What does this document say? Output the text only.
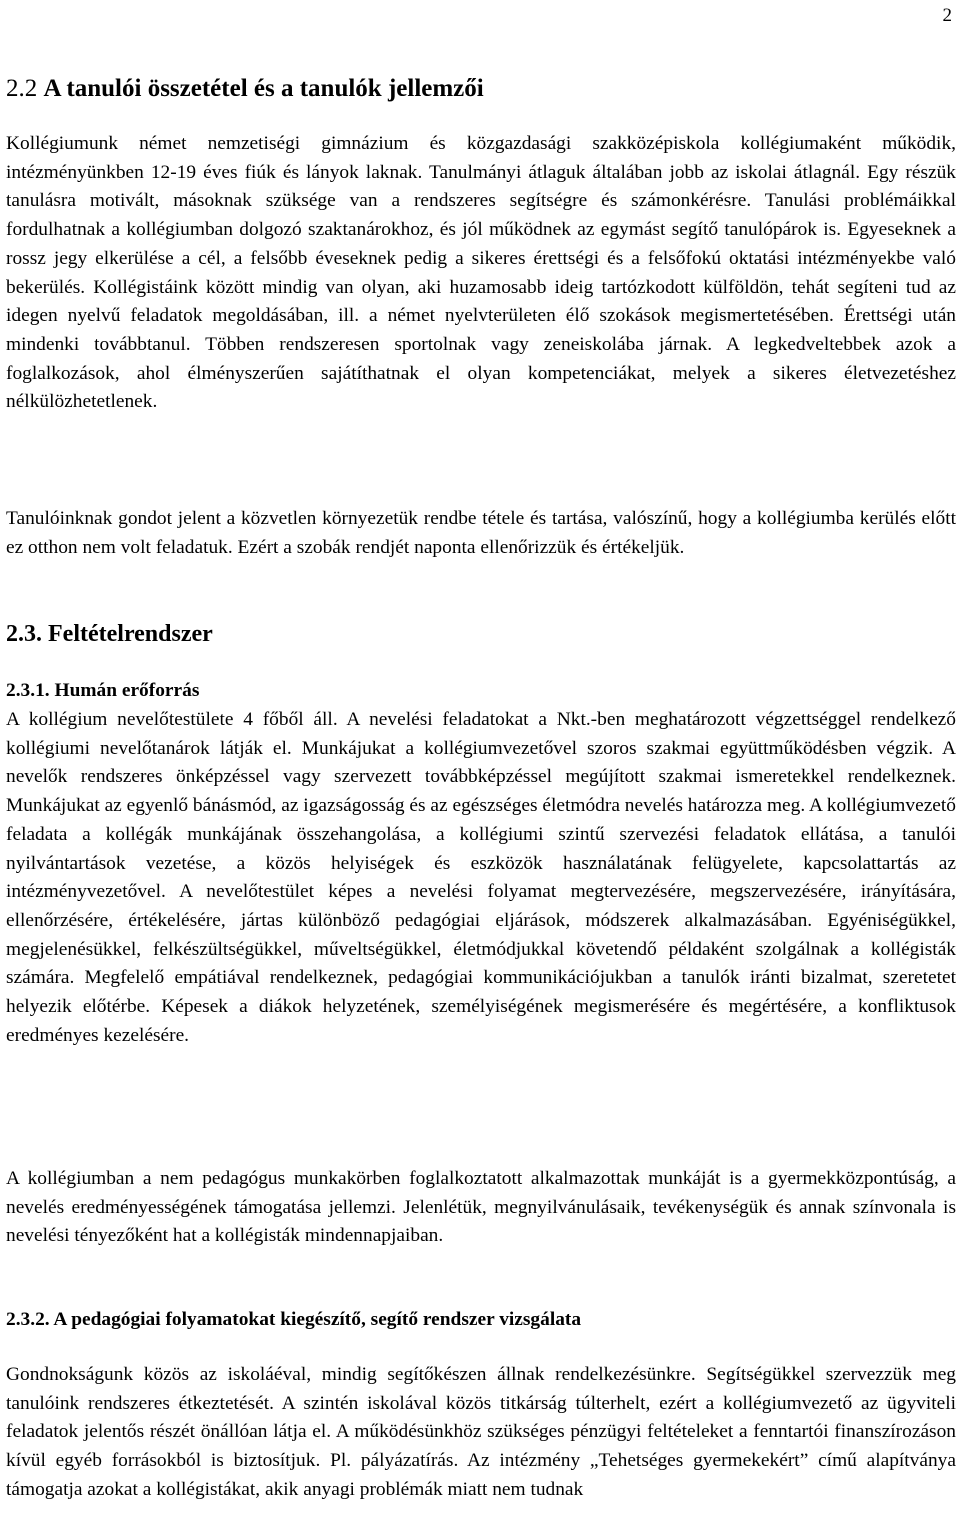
2
2.2 A tanulói összetétel és a tanulók jellemzői

Kollégiumunk német nemzetiségi gimnázium és közgazdasági szakközépiskola kollégiumaként működik, intézményünkben 12-19 éves fiúk és lányok laknak. Tanulmányi átlaguk általában jobb az iskolai átlagnál. Egy részük tanulásra motivált, másoknak szüksége van a rendszeres segítségre és számonkérésre. Tanulási problémáikkal fordulhatnak a kollégiumban dolgozó szaktanárokhoz, és jól működnek az egymást segítő tanulópárok is. Egyeseknek a rossz jegy elkerülése a cél, a felsőbb éveseknek pedig a sikeres érettségi és a felsőfokú oktatási intézményekbe való bekerülés. Kollégistáink között mindig van olyan, aki huzamosabb ideig tartózkodott külföldön, tehát segíteni tud az idegen nyelvű feladatok megoldásában, ill. a német nyelvterületen élő szokások megismertetésében. Érettségi után mindenki továbbtanul. Többen rendszeresen sportolnak vagy zeneiskolába járnak. A legkedveltebbek azok a foglalkozások, ahol élményszerűen sajátíthatnak el olyan kompetenciákat, melyek a sikeres életvezetéshez nélkülözhetetlenek.

Tanulóinknak gondot jelent a közvetlen környezetük rendbe tétele és tartása, valószínű, hogy a kollégiumba kerülés előtt ez otthon nem volt feladatuk. Ezért a szobák rendjét naponta ellenőrizzük és értékeljük.

2.3. Feltételrendszer
2.3.1. Humán erőforrás

A kollégium nevelőtestülete 4 főből áll. A nevelési feladatokat a Nkt.-ben meghatározott végzettséggel rendelkező kollégiumi nevelőtanárok látják el. Munkájukat a kollégiumvezetővel szoros szakmai együttműködésben végzik. A nevelők rendszeres önképzéssel vagy szervezett továbbképzéssel megújított szakmai ismeretekkel rendelkeznek. Munkájukat az egyenlő bánásmód, az igazságosság és az egészséges életmódra nevelés határozza meg. A kollégiumvezető feladata a kollégák munkájának összehangolása, a kollégiumi szintű szervezési feladatok ellátása, a tanulói nyilvántartások vezetése, a közös helyiségek és eszközök használatának felügyelete, kapcsolattartás az intézményvezetővel. A nevelőtestület képes a nevelési folyamat megtervezésére, megszervezésére, irányítására, ellenőrzésére, értékelésére, jártas különböző pedagógiai eljárások, módszerek alkalmazásában. Egyéniségükkel, megjelenésükkel, felkészültségükkel, műveltségükkel, életmódjukkal követendő példaként szolgálnak a kollégisták számára. Megfelelő empátiával rendelkeznek, pedagógiai kommunikációjukban a tanulók iránti bizalmat, szeretetet helyezik előtérbe. Képesek a diákok helyzetének, személyiségének megismerésére és megértésére, a konfliktusok eredményes kezelésére.

A kollégiumban a nem pedagógus munkakörben foglalkoztatott alkalmazottak munkáját is a gyermekközpontúság, a nevelés eredményességének támogatása jellemzi. Jelenlétük, megnyilvánulásaik, tevékenységük és annak színvonala is nevelési tényezőként hat a kollégisták mindennapjaiban.

2.3.2. A pedagógiai folyamatokat kiegészítő, segítő rendszer vizsgálata

Gondnokságunk közös az iskoláéval, mindig segítőkészen állnak rendelkezésünkre. Segítségükkel szervezzük meg tanulóink rendszeres étkeztetését. A szintén iskolával közös titkárság túlterhelt, ezért a kollégiumvezető az ügyviteli feladatok jelentős részét önállóan látja el. A működésünkhöz szükséges pénzügyi feltételeket a fenntartói finanszírozáson kívül egyéb forrásokból is biztosítjuk. Pl. pályázatírás. Az intézmény „Tehetséges gyermekekért” című alapítványa támogatja azokat a kollégistákat, akik anyagi problémák miatt nem tudnak
